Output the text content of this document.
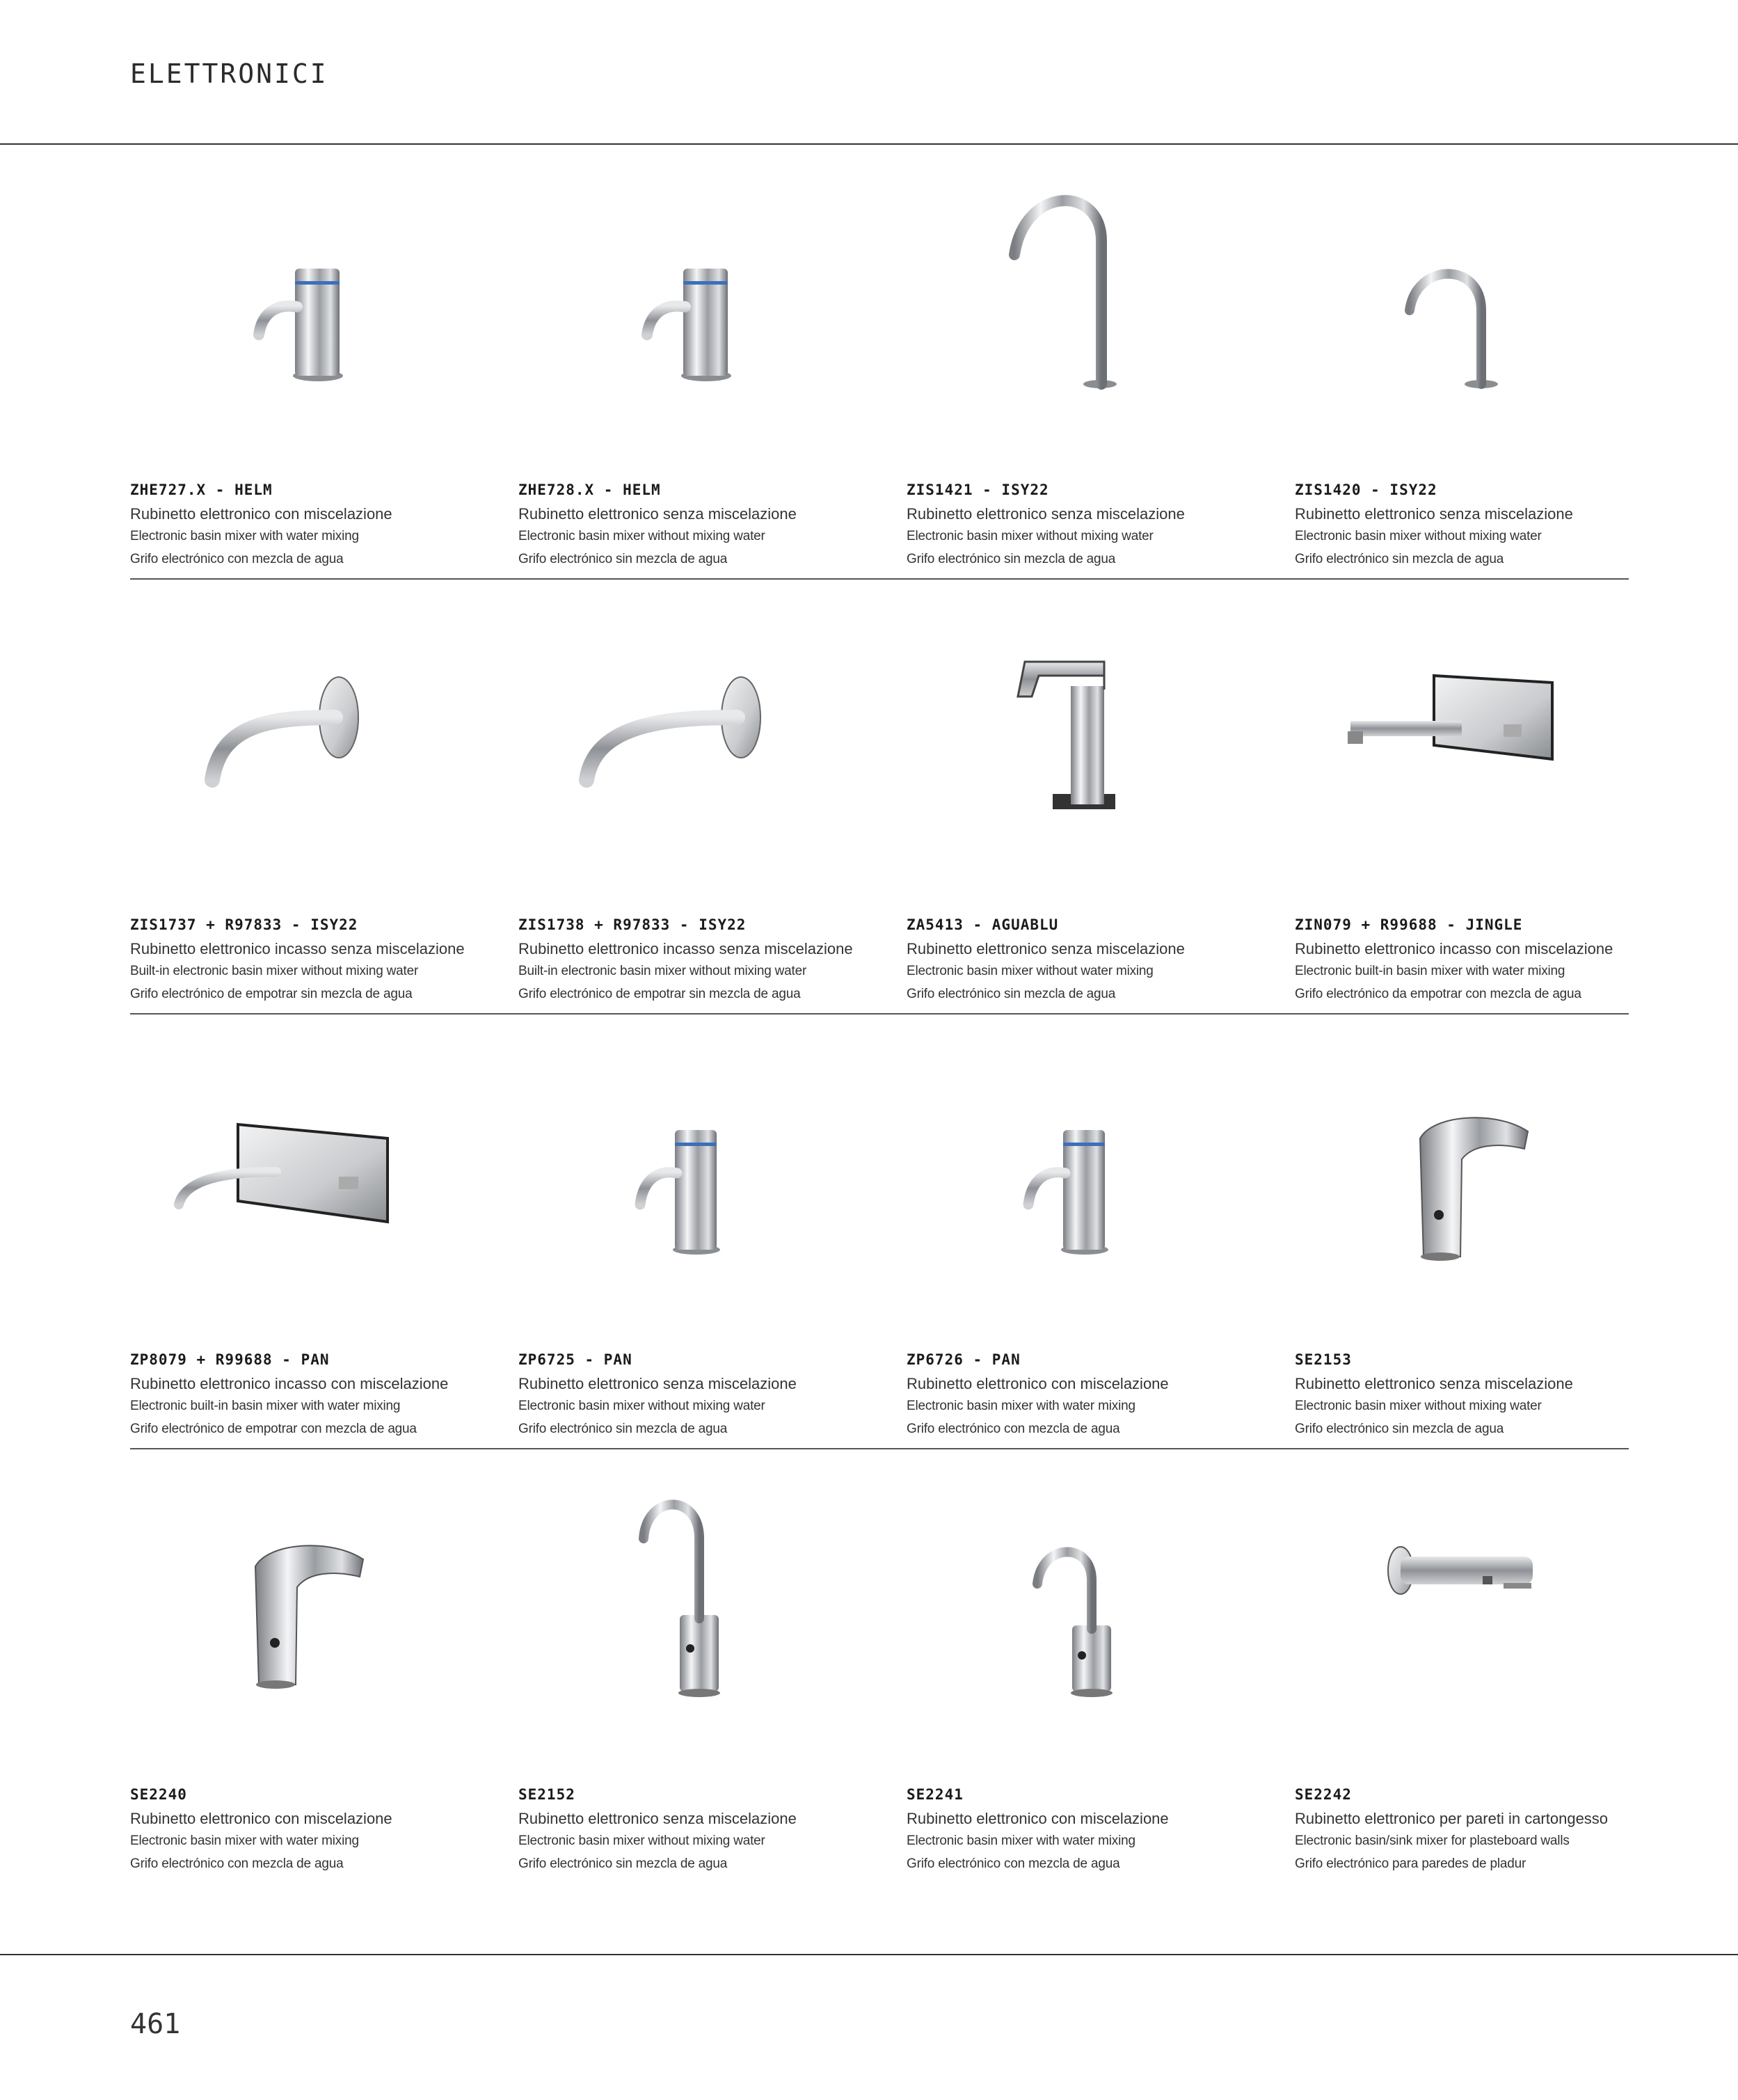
ELETTRONICI
ZHE727.X - HELM
Rubinetto elettronico con miscelazione
Electronic basin mixer with water mixing
Grifo electrónico con mezcla de agua
ZHE728.X - HELM
Rubinetto elettronico senza miscelazione
Electronic basin mixer without mixing water
Grifo electrónico sin mezcla de agua
ZIS1421 - ISY22
Rubinetto elettronico senza miscelazione
Electronic basin mixer without mixing water
Grifo electrónico sin mezcla de agua
ZIS1420 - ISY22
Rubinetto elettronico senza miscelazione
Electronic basin mixer without mixing water
Grifo electrónico sin mezcla de agua
ZIS1737 + R97833 - ISY22
Rubinetto elettronico incasso senza miscelazione
Built-in electronic basin mixer without mixing water
Grifo electrónico de empotrar sin mezcla de agua
ZIS1738 + R97833 - ISY22
Rubinetto elettronico incasso senza miscelazione
Built-in electronic basin mixer without mixing water
Grifo electrónico de empotrar sin mezcla de agua
ZA5413 - AGUABLU
Rubinetto elettronico senza miscelazione
Electronic basin mixer without water mixing
Grifo electrónico sin mezcla de agua
ZIN079 + R99688 - JINGLE
Rubinetto elettronico incasso con miscelazione
Electronic built-in basin mixer with water mixing
Grifo electrónico da empotrar con mezcla de agua
ZP8079 + R99688 - PAN
Rubinetto elettronico incasso con miscelazione
Electronic built-in basin mixer with water mixing
Grifo electrónico de empotrar con mezcla de agua
ZP6725 - PAN
Rubinetto elettronico senza miscelazione
Electronic basin mixer without mixing water
Grifo electrónico sin mezcla de agua
ZP6726 - PAN
Rubinetto elettronico con miscelazione
Electronic basin mixer with water mixing
Grifo electrónico con mezcla de agua
SE2153
Rubinetto elettronico senza miscelazione
Electronic basin mixer without mixing water
Grifo electrónico sin mezcla de agua
SE2240
Rubinetto elettronico con miscelazione
Electronic basin mixer with water mixing
Grifo electrónico con mezcla de agua
SE2152
Rubinetto elettronico senza miscelazione
Electronic basin mixer without mixing water
Grifo electrónico sin mezcla de agua
SE2241
Rubinetto elettronico con miscelazione
Electronic basin mixer with water mixing
Grifo electrónico con mezcla de agua
SE2242
Rubinetto elettronico per pareti in cartongesso
Electronic basin/sink mixer for plasteboard walls
Grifo electrónico para paredes de pladur
461
